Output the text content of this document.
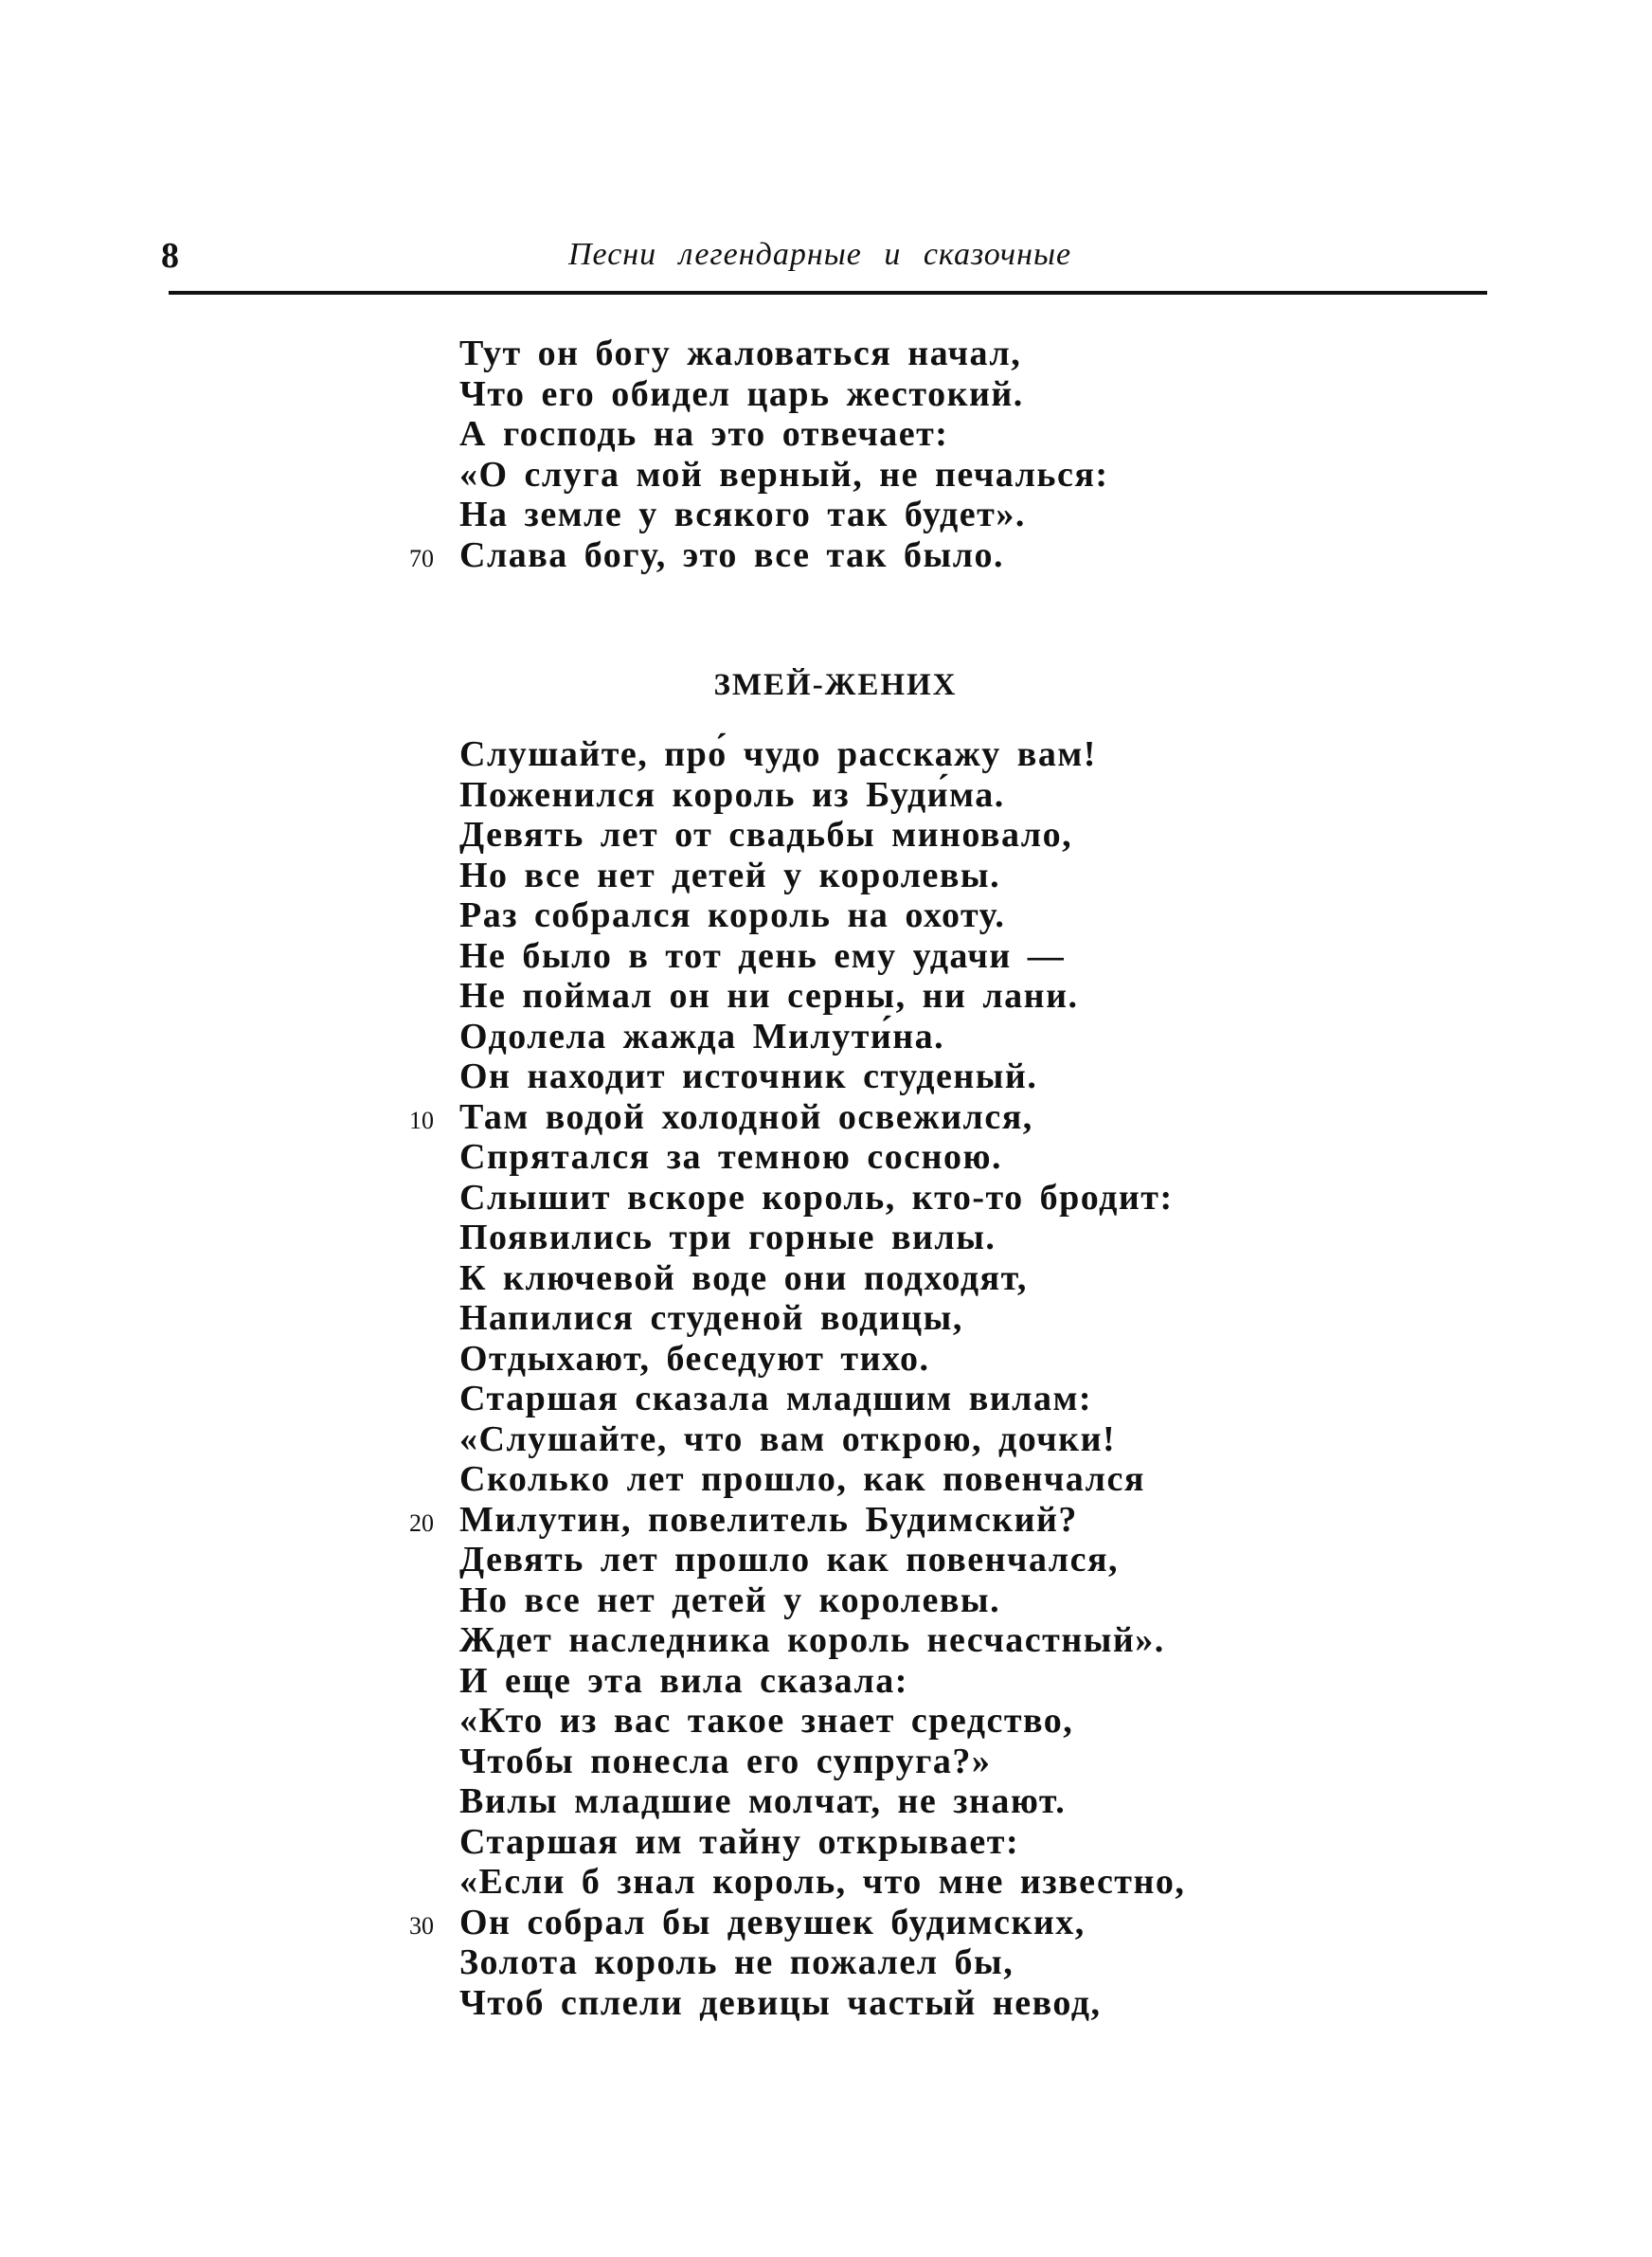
8	Песни легендарные и сказочные
Тут он богу жаловаться начал,
Что его обидел царь жестокий.
А господь на это отвечает:
«О слуга мой верный, не печалься:
На земле у всякого так будет».
70 Слава богу, это все так было.
ЗМЕЙ-ЖЕНИХ
Слушайте, про́ чудо расскажу вам!
Поженился король из Буди́ма.
Девять лет от свадьбы миновало,
Но все нет детей у королевы.
Раз собрался король на охоту.
Не было в тот день ему удачи —
Не поймал он ни серны, ни лани.
Одолела жажда Милути́на.
Он находит источник студеный.
10 Там водой холодной освежился,
Спрятался за темною сосною.
Слышит вскоре король, кто-то бродит:
Появились три горные вилы.
К ключевой воде они подходят,
Напилися студеной водицы,
Отдыхают, беседуют тихо.
Старшая сказала младшим вилам:
«Слушайте, что вам открою, дочки!
Сколько лет прошло, как повенчался
20 Милутин, повелитель Будимский?
Девять лет прошло как повенчался,
Но все нет детей у королевы.
Ждет наследника король несчастный».
И еще эта вила сказала:
«Кто из вас такое знает средство,
Чтобы понесла его супруга?»
Вилы младшие молчат, не знают.
Старшая им тайну открывает:
«Если б знал король, что мне известно,
30 Он собрал бы девушек будимских,
Золота король не пожалел бы,
Чтоб сплели девицы частый невод,
